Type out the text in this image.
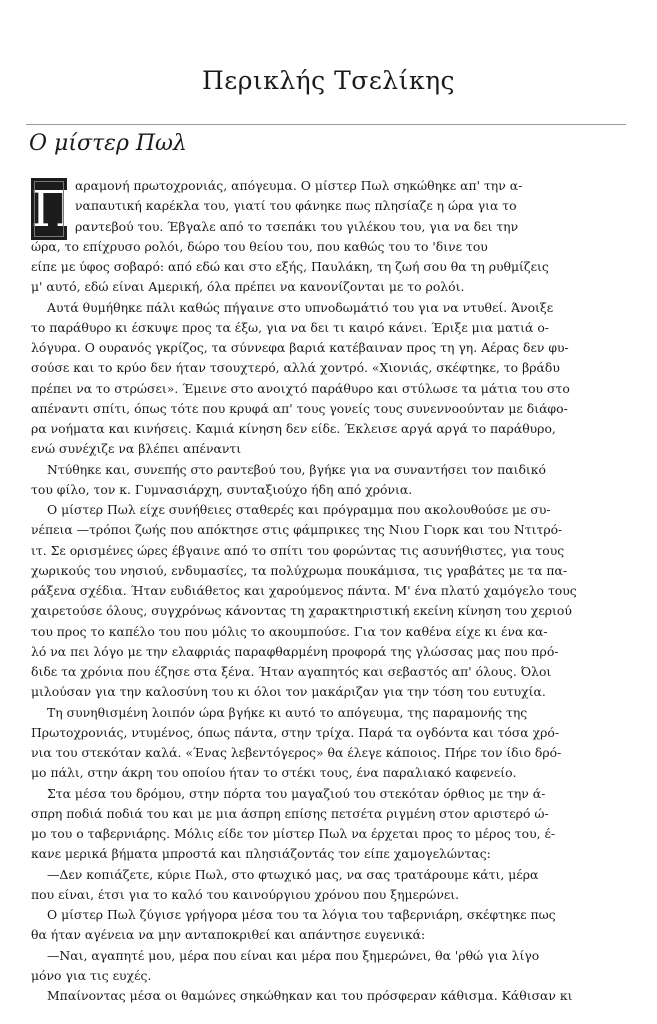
Περικλής Τσελίκης
Ο μίστερ Πωλ
Π αραμονή πρωτοχρονιάς, απόγευμα. Ο μίστερ Πωλ σηκώθηκε απ' την α-
ναπαυτική καρέκλα του, γιατί του φάνηκε πως πλησίαζε η ώρα για το
ραντεβού του. Έβγαλε από το τσεπάκι του γιλέκου του, για να δει την
ώρα, το επίχρυσο ρολόι, δώρο του θείου του, που καθώς του το 'δινε του
είπε με ύφος σοβαρό: από εδώ και στο εξής, Παυλάκη, τη ζωή σου θα τη ρυθμίζεις
μ' αυτό, εδώ είναι Αμερική, όλα πρέπει να κανονίζονται με το ρολόι.
Αυτά θυμήθηκε πάλι καθώς πήγαινε στο υπνοδωμάτιό του για να ντυθεί. Άνοιξε
το παράθυρο κι έσκυψε προς τα έξω, για να δει τι καιρό κάνει. Έριξε μια ματιά ο-
λόγυρα. Ο ουρανός γκρίζος, τα σύννεφα βαριά κατέβαιναν προς τη γη. Αέρας δεν φυ-
σούσε και το κρύο δεν ήταν τσουχτερό, αλλά χοντρό. «Χιονιάς, σκέφτηκε, το βράδυ
πρέπει να το στρώσει». Έμεινε στο ανοιχτό παράθυρο και στύλωσε τα μάτια του στο
απέναντι σπίτι, όπως τότε που κρυφά απ' τους γονείς τους συνεννοούνταν με διάφο-
ρα νοήματα και κινήσεις. Καμιά κίνηση δεν είδε. Έκλεισε αργά αργά το παράθυρο,
ενώ συνέχιζε να βλέπει απέναντι
Ντύθηκε και, συνεπής στο ραντεβού του, βγήκε για να συναντήσει τον παιδικό
του φίλο, τον κ. Γυμνασιάρχη, συνταξιούχο ήδη από χρόνια.
Ο μίστερ Πωλ είχε συνήθειες σταθερές και πρόγραμμα που ακολουθούσε με συ-
νέπεια —τρόποι ζωής που απόκτησε στις φάμπρικες της Νιου Γιορκ και του Ντιτρό-
ιτ. Σε ορισμένες ώρες έβγαινε από το σπίτι του φορώντας τις ασυνήθιστες, για τους
χωρικούς του νησιού, ενδυμασίες, τα πολύχρωμα πουκάμισα, τις γραβάτες με τα πα-
ράξενα σχέδια. Ήταν ευδιάθετος και χαρούμενος πάντα. Μ' ένα πλατύ χαμόγελο τους
χαιρετούσε όλους, συγχρόνως κάνοντας τη χαρακτηριστική εκείνη κίνηση του χεριού
του προς το καπέλο του που μόλις το ακουμπούσε. Για τον καθένα είχε κι ένα κα-
λό να πει λόγο με την ελαφριάς παραφθαρμένη προφορά της γλώσσας μας που πρό-
διδε τα χρόνια που έζησε στα ξένα. Ήταν αγαπητός και σεβαστός απ' όλους. Όλοι
μιλούσαν για την καλοσύνη του κι όλοι τον μακάριζαν για την τόση του ευτυχία.
Τη συνηθισμένη λοιπόν ώρα βγήκε κι αυτό το απόγευμα, της παραμονής της
Πρωτοχρονιάς, ντυμένος, όπως πάντα, στην τρίχα. Παρά τα ογδόντα και τόσα χρό-
νια του στεκόταν καλά. «Ένας λεβεντόγερος» θα έλεγε κάποιος. Πήρε τον ίδιο δρό-
μο πάλι, στην άκρη του οποίου ήταν το στέκι τους, ένα παραλιακό καφενείο.
Στα μέσα του δρόμου, στην πόρτα του μαγαζιού του στεκόταν όρθιος με την ά-
σπρη ποδιά ποδιά του και με μια άσπρη επίσης πετσέτα ριγμένη στον αριστερό ώ-
μο του ο ταβερνιάρης. Μόλις είδε τον μίστερ Πωλ να έρχεται προς το μέρος του, έ-
κανε μερικά βήματα μπροστά και πλησιάζοντάς τον είπε χαμογελώντας:
—Δεν κοπιάζετε, κύριε Πωλ, στο φτωχικό μας, να σας τρατάρουμε κάτι, μέρα
που είναι, έτσι για το καλό του καινούργιου χρόνου που ξημερώνει.
Ο μίστερ Πωλ ζύγισε γρήγορα μέσα του τα λόγια του ταβερνιάρη, σκέφτηκε πως
θα ήταν αγένεια να μην ανταποκριθεί και απάντησε ευγενικά:
—Ναι, αγαπητέ μου, μέρα που είναι και μέρα που ξημερώνει, θα 'ρθώ για λίγο
μόνο για τις ευχές.
Μπαίνοντας μέσα οι θαμώνες σηκώθηκαν και του πρόσφεραν κάθισμα. Κάθισαν κι
